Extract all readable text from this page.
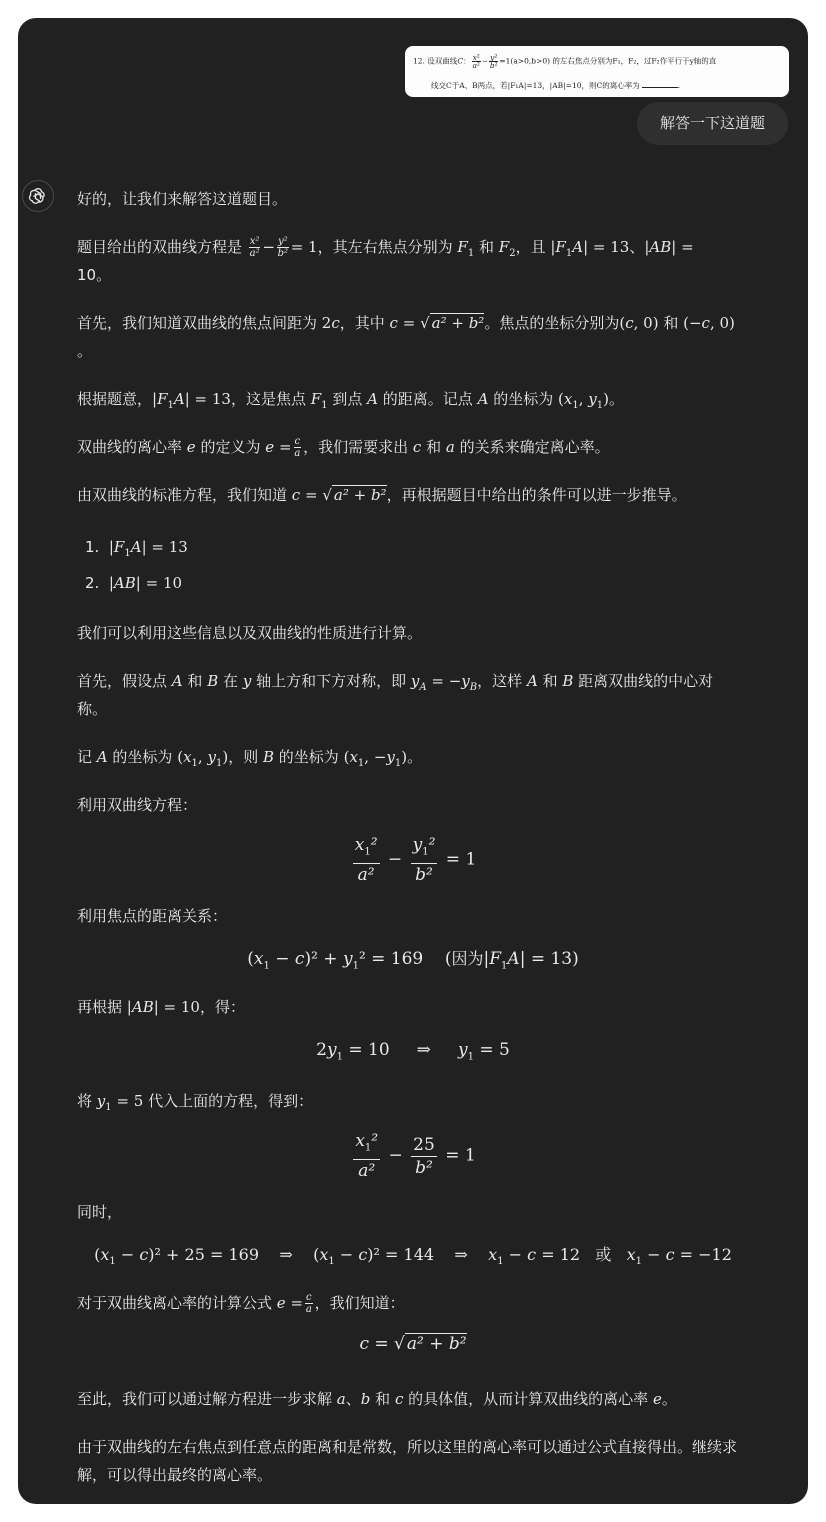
12. 设双曲线C： $\frac{\text{x²}}{\text{a²}} - \frac{\text{y²}}{\text{b²}} =1(a>0,b>0)$ 的左右焦点分别为F₁，F₂，过F₂作平行于y轴的直
线交C于A、B两点，若|F₁A|=13，|AB|=10，则C的离心率为	.
解答一下这道题
好的，让我们来解答这道题目。
题目给出的双曲线方程是 $\frac{\text{x²}}{\text{a²}} - \frac{\text{y²}}{\text{b²}} = 1$，其左右焦点分别为 $F_1$ 和 $F_2$，且 $|F_1A| = 13$、|AB| =
10。
首先，我们知道双曲线的焦点间距为 2c，其中 c = √ a² + b²。焦点的坐标分别为(c, 0) 和 (−c, 0)
。
根据题意，$|F_1A| = 13$，这是焦点 $F_1$ 到点 A 的距离。记点 A 的坐标为 ($x_1$, $y_1$)。
双曲线的离心率 e 的定义为 $e = \frac{c}{a}$ ，我们需要求出 c 和 a 的关系来确定离心率。
由双曲线的标准方程，我们知道 c = √ a² + b²，再根据题目中给出的条件可以进一步推导。
1. $|F_1A| = 13$
2. |AB| = 10
我们可以利用这些信息以及双曲线的性质进行计算。
首先，假设点 A 和 B 在 y 轴上方和下方对称，即 $y_A = -y_B$，这样 A 和 B 距离双曲线的中心对
称。
记 A 的坐标为 ($x_1$, $y_1$)，则 B 的坐标为 ($x_1$, $-y_1$)。
利用双曲线方程：
$\frac{x_1^2}{\text{a²}} - \frac{y_1^2}{\text{b²}} = 1$
利用焦点的距离关系：
$(x_1 - c)^2 + y_1^2 = 169$    (因为$|F_1A| = 13$)
再根据 |AB| = 10，得：
$2y_1 = 10$     ⇒     $y_1 = 5$
将 $y_1 = 5$ 代入上面的方程，得到：
$\frac{x_1^2}{\text{a²}} - \frac{25}{\text{b²}} = 1$
同时，
$(x_1 - c)^2 + 25 = 169$    ⇒    $(x_1 - c)^2 = 144$    ⇒    $x_1 - c = 12$   或 $x_1 - c = -12$
对于双曲线离心率的计算公式 $e = \frac{c}{a}$ ，我们知道：
c = √ a² + b²
至此，我们可以通过解方程进一步求解 a、b 和 c 的具体值，从而计算双曲线的离心率 e。
由于双曲线的左右焦点到任意点的距离和是常数，所以这里的离心率可以通过公式直接得出。继续求
解，可以得出最终的离心率。
